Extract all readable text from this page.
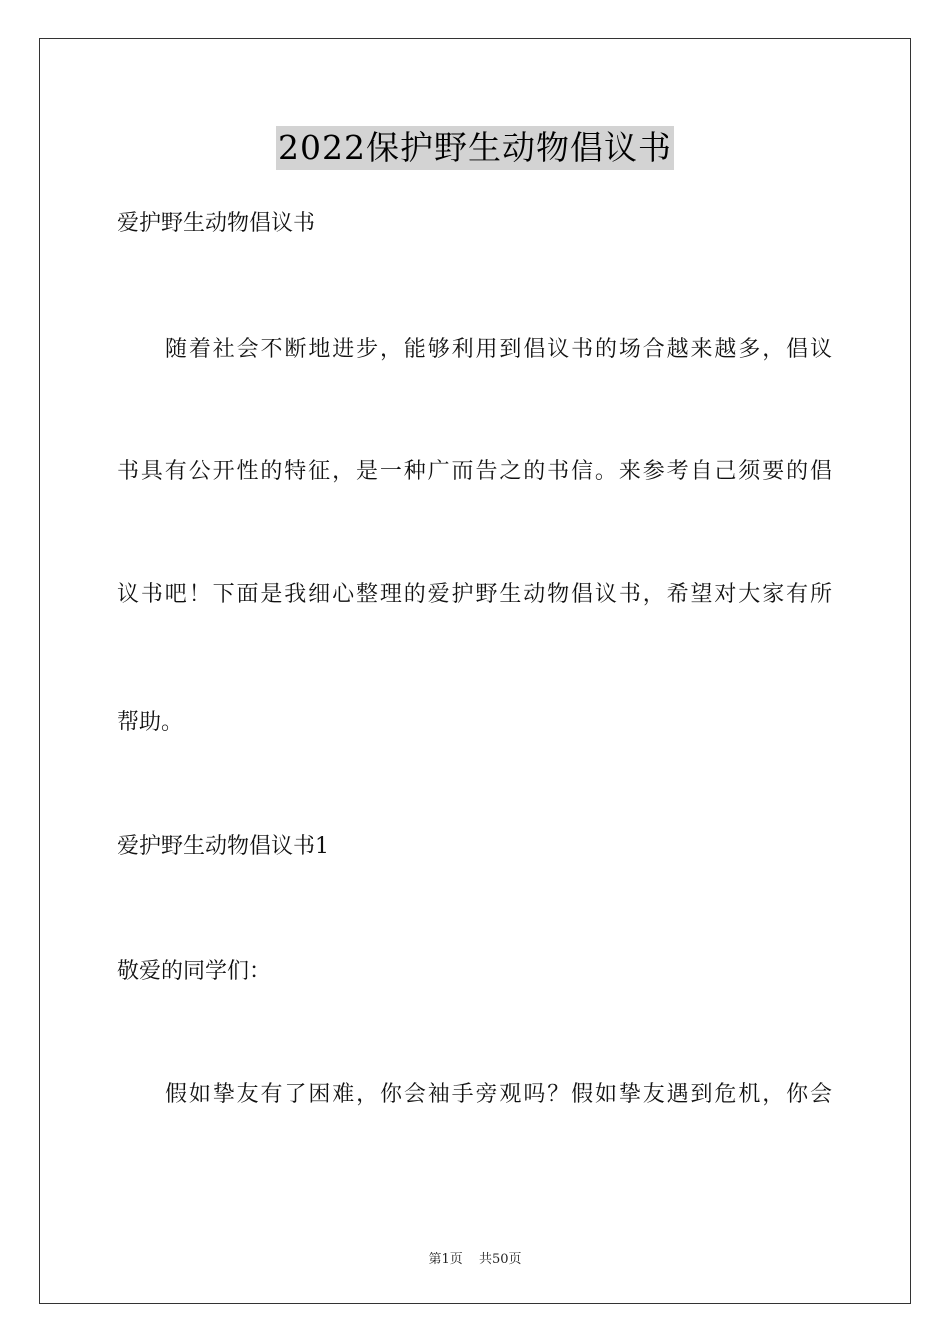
2022保护野生动物倡议书
爱护野生动物倡议书
随着社会不断地进步，能够利用到倡议书的场合越来越多，倡议
书具有公开性的特征，是一种广而告之的书信。来参考自己须要的倡
议书吧！下面是我细心整理的爱护野生动物倡议书，希望对大家有所
帮助。
爱护野生动物倡议书1
敬爱的同学们：
假如挚友有了困难，你会袖手旁观吗？假如挚友遇到危机，你会
第1页 共50页
